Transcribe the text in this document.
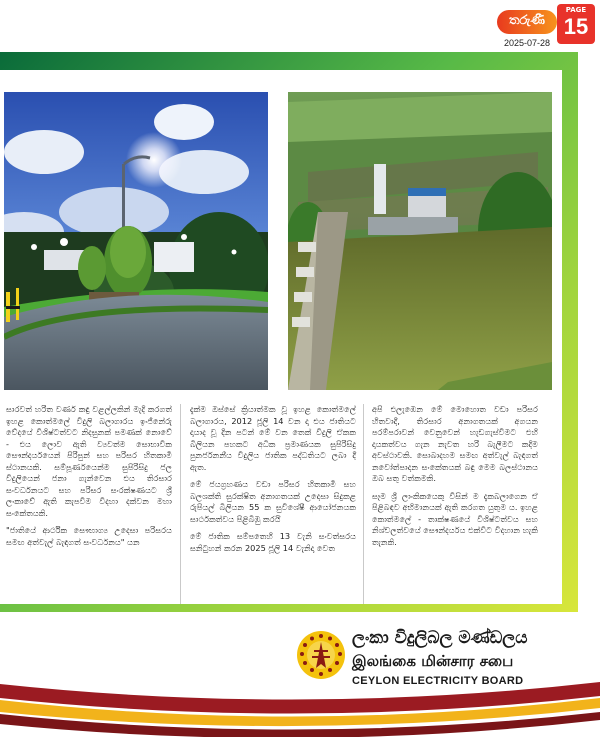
තරුණී
PAGE
15
2025-07-28

සාරවත් හරිත වර්ණ කඳු වළල්ලකින් මැදි කරගත් ඉහළ කොත්මලේ විදුලි බලාගාරය ඉංජිනේරු වේදයේ විශිෂ්ටත්වට නිදසුනක් පමණක් නොවේ - එය ලොව ඇති ව්‍යවත්ම සොභාවික සෞන්දර්යයෙන් පිරිපුන් සහ පරිසර හිතකාමී ස්ථානයකි. සම්පූර්ණයෙන්ම සුපිරිසිදු ජල විදුලියෙන් ජනා ගැන්වෙන එය තිරසාර සංවර්ධනයට සහ පරිසර සංරක්ෂණයට ශ්‍රී ලංකාවේ ඇති කැපවීම විදහා දක්වන මහා සංකේතයකි.

"ජාතියේ ආර්ථික සෞභාග්‍ය උදෙසා පරිසරය සමඟ අත්වැල් බැඳගත් සංවර්ධනය" යන

දැක්ම ඔස්සේ ක්‍රියාත්මක වූ ඉහළ කොත්මලේ බලාගාරය, 2012 ජූලි 14 වන දා එය ජාතියට දායාද වූ දින පටන් මේ වන තෙක් විදුලි ඒකක බිලියන පහකට අධික ප්‍රමාණයක සුපිරිසිදු පුනර්ජනනීය විදුලිය ජාතික පද්ධතියට ලබා දී ඇත.

මේ ජයග්‍රහණය වඩා පරිසර හිතකාමී සහ බලශක්ති සුරක්ෂිත අනාගතයක් උදෙසා සිදුකළ රුපියල් බිලියන 55 ක සුවිශේෂී ආයෝජනයක සාර්ථකත්වය පිළිබිඹු කරයි

මේ ජාතික සම්පතෙහි 13 වැනි සංවත්සරය සනිටුහන් කරන 2025 ජූලි 14 වැනිදා වෙත

අපි එලැඹෙන මේ මොහොත වඩා පරිසර හිතවාදී, තිරසාර අනාගතයක් අගයන පරම්පරාවන් වෙනුවෙන් හැඩගැස්වීමට එහි දායකත්වය ගැන නැවත හරි බැලීමට කදිම අවස්ථාවකි. සොබාදහම සමඟ අත්වැල් බැඳගත් නවෝත්පාදන සංකේතයක් බඳු මෙම බලස්ථානය ඔබ සතු වත්කමකි.

සෑම ශ්‍රී ලාංකිකයෙකු විසින් ම දැකබලාගෙන ඒ පිළිබඳව අභිමානයක් ඇති කරගත යුතුම ය. ඉහළ කොත්මලේ - තාක්ෂණයේ විශිෂ්ටත්වය සහ නිශ්චලත්වයේ සෞන්දර්යය එක්විට විදහාන හැකි තැනකි.

ලංකා විදුලිබල මණ්ඩලය
இலங்கை மின்சார சபை
CEYLON ELECTRICITY BOARD
